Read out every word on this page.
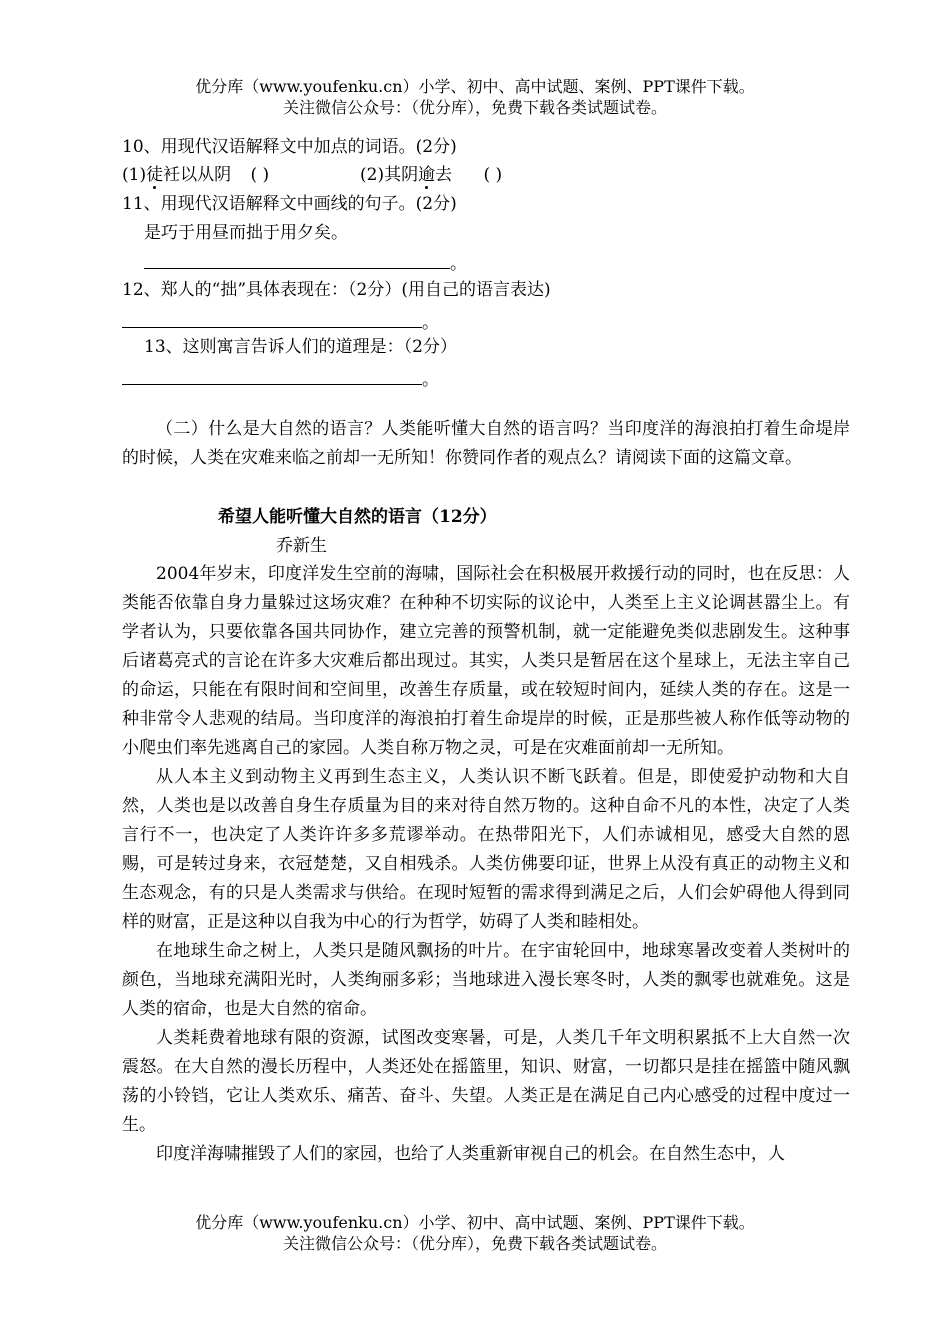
优分库（www.youfenku.cn）小学、初中、高中试题、案例、PPT课件下载。
关注微信公众号：（优分库），免费下载各类试题试卷。
10、用现代汉语解释文中加点的词语。(2分)
(1)徒衽以从阴 ( )	(2)其阴逾去 ( )
11、用现代汉语解释文中画线的句子。(2分)
是巧于用昼而拙于用夕矣。
。
12、郑人的“拙”具体表现在：（2分）(用自己的语言表达)
。
13、这则寓言告诉人们的道理是：（2分）
。

（二）什么是大自然的语言？人类能听懂大自然的语言吗？当印度洋的海浪拍打着生命堤岸的时候，人类在灾难来临之前却一无所知！你赞同作者的观点么？请阅读下面的这篇文章。

希望人能听懂大自然的语言（12分）
乔新生

2004年岁末，印度洋发生空前的海啸，国际社会在积极展开救援行动的同时，也在反思：人类能否依靠自身力量躲过这场灾难？在种种不切实际的议论中，人类至上主义论调甚嚣尘上。有学者认为，只要依靠各国共同协作，建立完善的预警机制，就一定能避免类似悲剧发生。这种事后诸葛亮式的言论在许多大灾难后都出现过。其实，人类只是暂居在这个星球上，无法主宰自己的命运，只能在有限时间和空间里，改善生存质量，或在较短时间内，延续人类的存在。这是一种非常令人悲观的结局。当印度洋的海浪拍打着生命堤岸的时候，正是那些被人称作低等动物的小爬虫们率先逃离自己的家园。人类自称万物之灵，可是在灾难面前却一无所知。

从人本主义到动物主义再到生态主义，人类认识不断飞跃着。但是，即使爱护动物和大自然，人类也是以改善自身生存质量为目的来对待自然万物的。这种自命不凡的本性，决定了人类言行不一，也决定了人类许许多多荒谬举动。在热带阳光下，人们赤诚相见，感受大自然的恩赐，可是转过身来，衣冠楚楚，又自相残杀。人类仿佛要印证，世界上从没有真正的动物主义和生态观念，有的只是人类需求与供给。在现时短暂的需求得到满足之后，人们会妒碍他人得到同样的财富，正是这种以自我为中心的行为哲学，妨碍了人类和睦相处。

在地球生命之树上，人类只是随风飘扬的叶片。在宇宙轮回中，地球寒暑改变着人类树叶的颜色，当地球充满阳光时，人类绚丽多彩；当地球进入漫长寒冬时，人类的飘零也就难免。这是人类的宿命，也是大自然的宿命。

人类耗费着地球有限的资源，试图改变寒暑，可是，人类几千年文明积累抵不上大自然一次震怒。在大自然的漫长历程中，人类还处在摇篮里，知识、财富，一切都只是挂在摇篮中随风飘荡的小铃铛，它让人类欢乐、痛苦、奋斗、失望。人类正是在满足自己内心感受的过程中度过一生。

印度洋海啸摧毁了人们的家园，也给了人类重新审视自己的机会。在自然生态中，人

优分库（www.youfenku.cn）小学、初中、高中试题、案例、PPT课件下载。
关注微信公众号：（优分库），免费下载各类试题试卷。
